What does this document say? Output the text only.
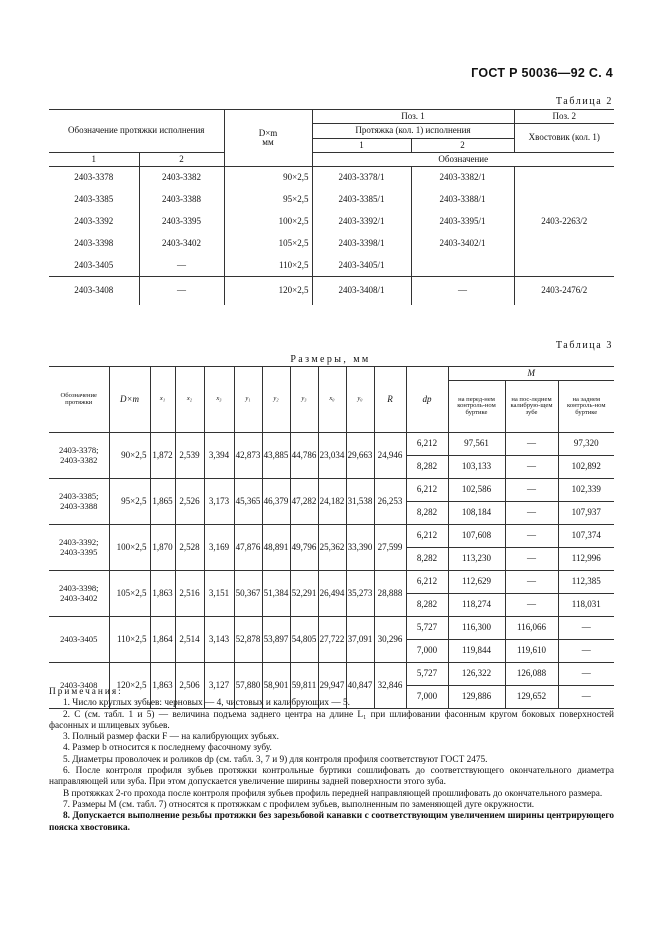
ГОСТ Р 50036—92 С. 4
Таблица 2
Обозначение протяжки исполнения		D×m
мм	Поз. 1		Поз. 2
			Протяжка (кол. 1) исполнения		Хвостовик (кол. 1)
			1	2	
1	2		Обозначение		
2403-3378	2403-3382	90×2,5	2403-3378/1	2403-3382/1	2403-2263/2
2403-3385	2403-3388	95×2,5	2403-3385/1	2403-3388/1	
2403-3392	2403-3395	100×2,5	2403-3392/1	2403-3395/1	
2403-3398	2403-3402	105×2,5	2403-3398/1	2403-3402/1	
2403-3405	—	110×2,5	2403-3405/1		
2403-3408	—	120×2,5	2403-3408/1	—	2403-2476/2
Таблица 3
Размеры, мм
Обозначение протяжки	D×m	x₁	x₂	x₃	y₁	y₂	y₃	x₀	y₀	R	dp	M		
												на перед-нем контроль-ном буртике	на пос-леднем калибрую-щем зубе	на заднем контроль-ном буртике
2403-3378; 2403-3382	90×2,5	1,872	2,539	3,394	42,873	43,885	44,786	23,034	29,663	24,946	6,212	97,561	—	97,320
											8,282	103,133	—	102,892
2403-3385; 2403-3388	95×2,5	1,865	2,526	3,173	45,365	46,379	47,282	24,182	31,538	26,253	6,212	102,586	—	102,339
											8,282	108,184	—	107,937
2403-3392; 2403-3395	100×2,5	1,870	2,528	3,169	47,876	48,891	49,796	25,362	33,390	27,599	6,212	107,608	—	107,374
											8,282	113,230	—	112,996
2403-3398; 2403-3402	105×2,5	1,863	2,516	3,151	50,367	51,384	52,291	26,494	35,273	28,888	6,212	112,629	—	112,385
											8,282	118,274	—	118,031
2403-3405	110×2,5	1,864	2,514	3,143	52,878	53,897	54,805	27,722	37,091	30,296	5,727	116,300	116,066	—
											7,000	119,844	119,610	—
2403-3408	120×2,5	1,863	2,506	3,127	57,880	58,901	59,811	29,947	40,847	32,846	5,727	126,322	126,088	—
											7,000	129,886	129,652	—
Примечания:

1. Число круглых зубьев: черновых — 4, чистовых и калибрующих — 5.

2. C (см. табл. 1 и 5) — величина подъема заднего центра на длине L₁ при шлифовании фасонным кругом боковых поверхностей фасонных и шлицевых зубьев.

3. Полный размер фаски F — на калибрующих зубьях.

4. Размер b относится к последнему фасочному зубу.

5. Диаметры проволочек и роликов dp (см. табл. 3, 7 и 9) для контроля профиля соответствуют ГОСТ 2475.

6. После контроля профиля зубьев протяжки контрольные буртики сошлифовать до соответствующего окончательного диаметра направляющей или зуба. При этом допускается увеличение ширины задней поверхности этого зуба.

В протяжках 2-го прохода после контроля профиля зубьев профиль передней направляющей прошлифовать до окончательного размера.

7. Размеры M (см. табл. 7) относятся к протяжкам с профилем зубьев, выполненным по заменяющей дуге окружности.

8. Допускается выполнение резьбы протяжки без зарезьбовой канавки с соответствующим увеличением ширины центрирующего пояска хвостовика.
